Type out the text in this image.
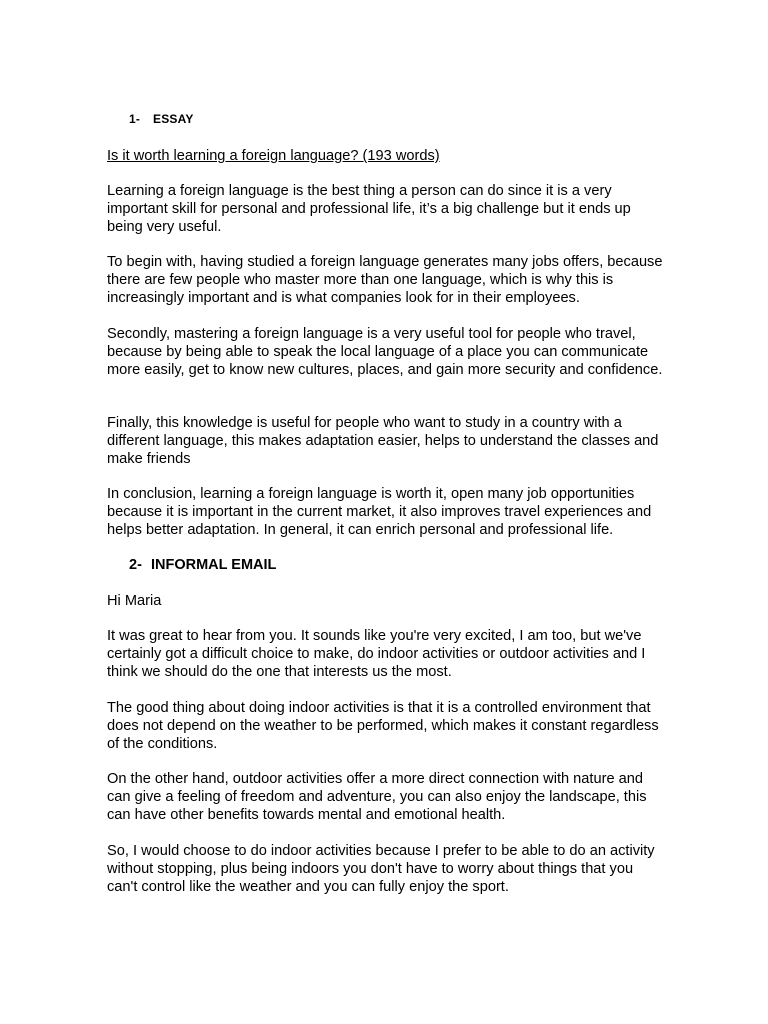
1- ESSAY

Is it worth learning a foreign language? (193 words)

Learning a foreign language is the best thing a person can do since it is a very important skill for personal and professional life, it’s a big challenge but it ends up being very useful.

To begin with, having studied a foreign language generates many jobs offers, because there are few people who master more than one language, which is why this is increasingly important and is what companies look for in their employees.

Secondly, mastering a foreign language is a very useful tool for people who travel, because by being able to speak the local language of a place you can communicate more easily, get to know new cultures, places, and gain more security and confidence.

Finally, this knowledge is useful for people who want to study in a country with a different language, this makes adaptation easier, helps to understand the classes and make friends

In conclusion, learning a foreign language is worth it, open many job opportunities because it is important in the current market, it also improves travel experiences and helps better adaptation. In general, it can enrich personal and professional life.

2- INFORMAL EMAIL

Hi Maria

It was great to hear from you. It sounds like you're very excited, I am too, but we've certainly got a difficult choice to make, do indoor activities or outdoor activities and I think we should do the one that interests us the most.

The good thing about doing indoor activities is that it is a controlled environment that does not depend on the weather to be performed, which makes it constant regardless of the conditions.

On the other hand, outdoor activities offer a more direct connection with nature and can give a feeling of freedom and adventure, you can also enjoy the landscape, this can have other benefits towards mental and emotional health.

So, I would choose to do indoor activities because I prefer to be able to do an activity without stopping, plus being indoors you don't have to worry about things that you can't control like the weather and you can fully enjoy the sport.
